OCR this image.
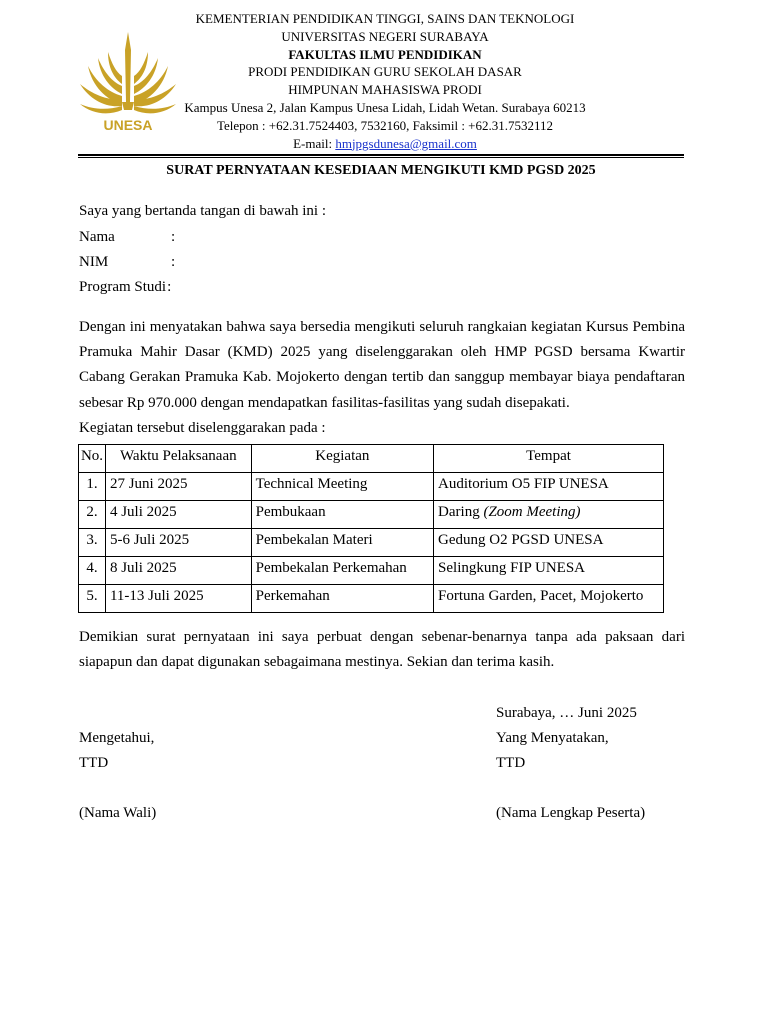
UNESA
KEMENTERIAN PENDIDIKAN TINGGI, SAINS DAN TEKNOLOGI
UNIVERSITAS NEGERI SURABAYA
FAKULTAS ILMU PENDIDIKAN
PRODI PENDIDIKAN GURU SEKOLAH DASAR
HIMPUNAN MAHASISWA PRODI
Kampus Unesa 2, Jalan Kampus Unesa Lidah, Lidah Wetan. Surabaya 60213
Telepon : +62.31.7524403, 7532160, Faksimil : +62.31.7532112
E-mail: hmjpgsdunesa@gmail.com
SURAT PERNYATAAN KESEDIAAN MENGIKUTI KMD PGSD 2025
Saya yang bertanda tangan di bawah ini :
Nama	:
NIM	:
Program Studi:
Dengan ini menyatakan bahwa saya bersedia mengikuti seluruh rangkaian kegiatan Kursus Pembina Pramuka Mahir Dasar (KMD) 2025 yang diselenggarakan oleh HMP PGSD bersama Kwartir Cabang Gerakan Pramuka Kab. Mojokerto dengan tertib dan sanggup membayar biaya pendaftaran sebesar Rp 970.000 dengan mendapatkan fasilitas-fasilitas yang sudah disepakati.
Kegiatan tersebut diselenggarakan pada :
No.	Waktu Pelaksanaan	Kegiatan	Tempat
1.	27 Juni 2025	Technical Meeting	Auditorium O5 FIP UNESA
2.	4 Juli 2025	Pembukaan	Daring (Zoom Meeting)
3.	5-6 Juli 2025	Pembekalan Materi	Gedung O2 PGSD UNESA
4.	8 Juli 2025	Pembekalan Perkemahan	Selingkung FIP UNESA
5.	11-13 Juli 2025	Perkemahan	Fortuna Garden, Pacet, Mojokerto
Demikian surat pernyataan ini saya perbuat dengan sebenar-benarnya tanpa ada paksaan dari siapapun dan dapat digunakan sebagaimana mestinya. Sekian dan terima kasih.
Surabaya, … Juni 2025
Mengetahui,	Yang Menyatakan,
TTD	TTD
(Nama Wali)	(Nama Lengkap Peserta)
